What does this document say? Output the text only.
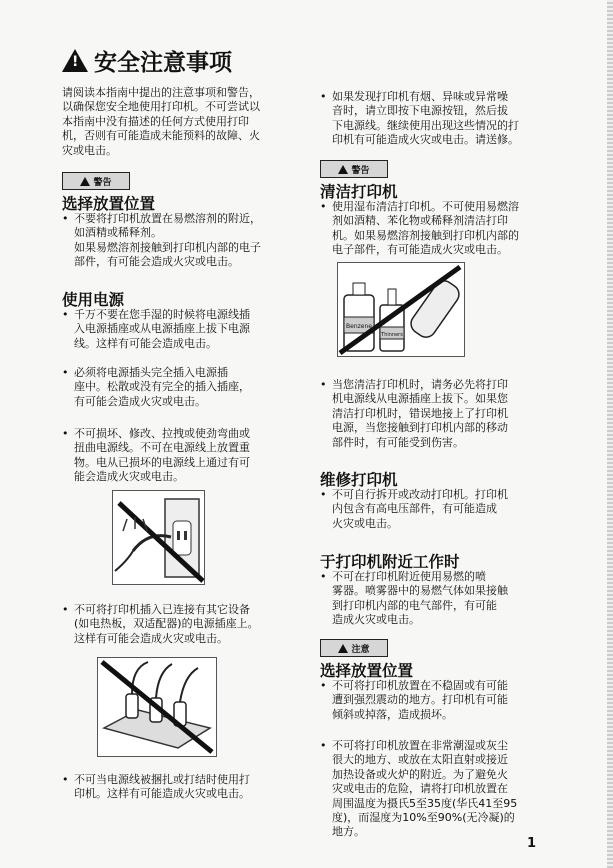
!
安全注意事项
请阅读本指南中提出的注意事项和警告，
以确保您安全地使用打印机。不可尝试以
本指南中没有描述的任何方式使用打印
机，否则有可能造成未能预料的故障、火
灾或电击。
警告
选择放置位置
• 不要将打印机放置在易燃溶剂的附近，
如酒精或稀释剂。
如果易燃溶剂接触到打印机内部的电子
部件，有可能会造成火灾或电击。
使用电源
• 千万不要在您手湿的时候将电源线插
入电源插座或从电源插座上拔下电源
线。这样有可能会造成电击。
• 必须将电源插头完全插入电源插
座中。松散或没有完全的插入插座，
有可能会造成火灾或电击。
• 不可损坏、修改、拉拽或使劲弯曲或
扭曲电源线。不可在电源线上放置重
物。电从已损坏的电源线上通过有可
能会造成火灾或电击。
• 不可将打印机插入已连接有其它设备
(如电热板，双适配器)的电源插座上。
这样有可能会造成火灾或电击。
• 不可当电源线被捆扎或打结时使用打
印机。这样有可能造成火灾或电击。
• 如果发现打印机有烟、异味或异常噪
音时，请立即按下电源按钮，然后拔
下电源线。继续使用出现这些情况的打
印机有可能造成火灾或电击。请送修。
警告
清洁打印机
• 使用湿布清洁打印机。不可使用易燃溶
剂如酒精、苯化物或稀释剂清洁打印
机。如果易燃溶剂接触到打印机内部的
电子部件，有可能造成火灾或电击。
Benzene
Thinners
• 当您清洁打印机时，请务必先将打印
机电源线从电源插座上拔下。如果您
清洁打印机时，错误地接上了打印机
电源，当您接触到打印机内部的移动
部件时，有可能受到伤害。
维修打印机
• 不可自行拆开或改动打印机。打印机
内包含有高电压部件，有可能造成
火灾或电击。
于打印机附近工作时
• 不可在打印机附近使用易燃的喷
雾器。喷雾器中的易燃气体如果接触
到打印机内部的电气部件，有可能
造成火灾或电击。
注意
选择放置位置
• 不可将打印机放置在不稳固或有可能
遭到强烈震动的地方。打印机有可能
倾斜或掉落，造成损坏。
• 不可将打印机放置在非常潮湿或灰尘
很大的地方、或放在太阳直射或接近
加热设备或火炉的附近。为了避免火
灾或电击的危险，请将打印机放置在
周围温度为摄氏5至35度(华氏41至95
度)，而湿度为10%至90%(无冷凝)的
地方。
1
